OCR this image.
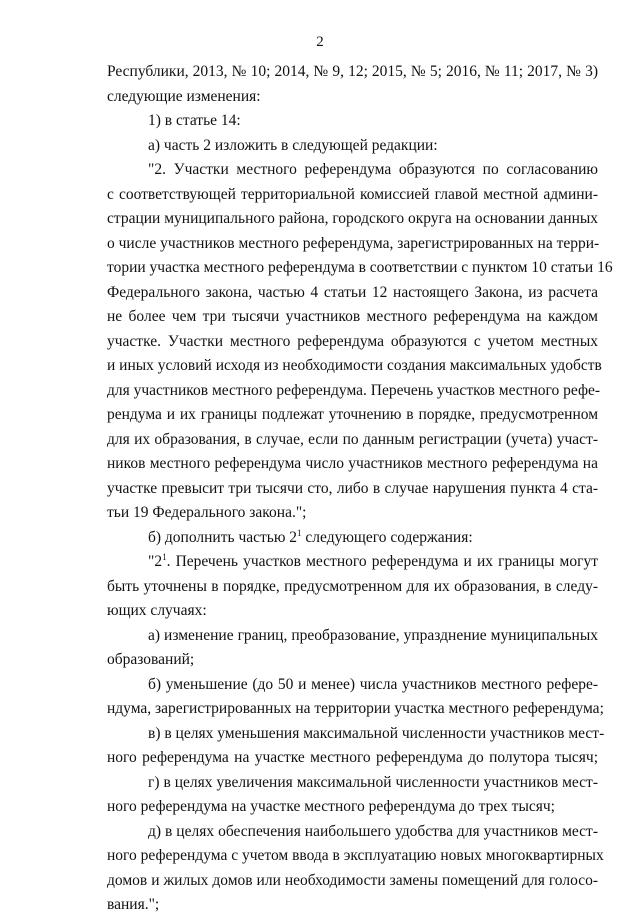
2
Республики, 2013, № 10; 2014, № 9, 12; 2015, № 5; 2016, № 11; 2017, № 3)
следующие изменения:
1) в статье 14:
а) часть 2 изложить в следующей редакции:
"2. Участки местного референдума образуются по согласованию
с соответствующей территориальной комиссией главой местной админи-
страции муниципального района, городского округа на основании данных
о числе участников местного референдума, зарегистрированных на терри-
тории участка местного референдума в соответствии с пунктом 10 статьи 16
Федерального закона, частью 4 статьи 12 настоящего Закона, из расчета
не более чем три тысячи участников местного референдума на каждом
участке. Участки местного референдума образуются с учетом местных
и иных условий исходя из необходимости создания максимальных удобств
для участников местного референдума. Перечень участков местного рефе-
рендума и их границы подлежат уточнению в порядке, предусмотренном
для их образования, в случае, если по данным регистрации (учета) участ-
ников местного референдума число участников местного референдума на
участке превысит три тысячи сто, либо в случае нарушения пункта 4 ста-
тьи 19 Федерального закона.";
б) дополнить частью $2^1$ следующего содержания:
"$2^1$. Перечень участков местного референдума и их границы могут
быть уточнены в порядке, предусмотренном для их образования, в следу-
ющих случаях:
а) изменение границ, преобразование, упразднение муниципальных
образований;
б) уменьшение (до 50 и менее) числа участников местного рефере-
ндума, зарегистрированных на территории участка местного референдума;
в) в целях уменьшения максимальной численности участников мест-
ного референдума на участке местного референдума до полутора тысяч;
г) в целях увеличения максимальной численности участников мест-
ного референдума на участке местного референдума до трех тысяч;
д) в целях обеспечения наибольшего удобства для участников мест-
ного референдума с учетом ввода в эксплуатацию новых многоквартирных
домов и жилых домов или необходимости замены помещений для голосо-
вания.";
